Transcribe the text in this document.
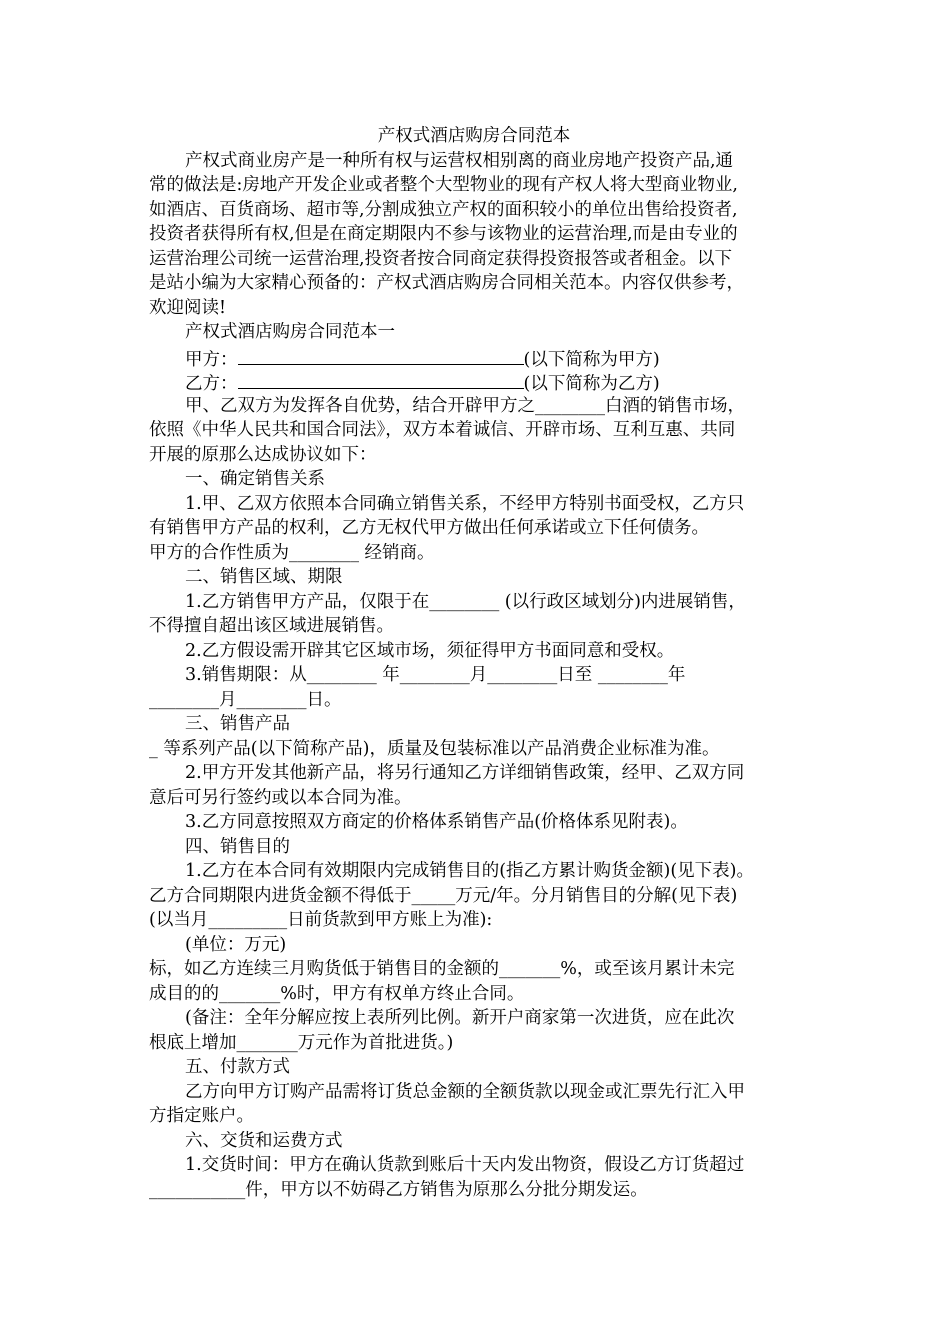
产权式酒店购房合同范本
产权式商业房产是一种所有权与运营权相别离的商业房地产投资产品,通
常的做法是:房地产开发企业或者整个大型物业的现有产权人将大型商业物业,
如酒店、百货商场、超市等,分割成独立产权的面积较小的单位出售给投资者,
投资者获得所有权,但是在商定期限内不参与该物业的运营治理,而是由专业的
运营治理公司统一运营治理,投资者按合同商定获得投资报答或者租金。以下
是站小编为大家精心预备的：产权式酒店购房合同相关范本。内容仅供参考，
欢迎阅读!
产权式酒店购房合同范本一
甲方：	(以下简称为甲方)
乙方：	(以下简称为乙方)
甲、乙双方为发挥各自优势，结合开辟甲方之________白酒的销售市场，
依照《中华人民共和国合同法》，双方本着诚信、开辟市场、互利互惠、共同
开展的原那么达成协议如下：
一、确定销售关系
1.甲、乙双方依照本合同确立销售关系，不经甲方特别书面受权，乙方只
有销售甲方产品的权利，乙方无权代甲方做出任何承诺或立下任何债务。
甲方的合作性质为________ 经销商。
二、销售区域、期限
1.乙方销售甲方产品，仅限于在________ (以行政区域划分)内进展销售，
不得擅自超出该区域进展销售。
2.乙方假设需开辟其它区域市场，须征得甲方书面同意和受权。
3.销售期限：从________ 年________月________日至 ________年
________月________日。
三、销售产品
_ 等系列产品(以下简称产品)，质量及包装标准以产品消费企业标准为准。
2.甲方开发其他新产品，将另行通知乙方详细销售政策，经甲、乙双方同
意后可另行签约或以本合同为准。
3.乙方同意按照双方商定的价格体系销售产品(价格体系见附表)。
四、销售目的
1.乙方在本合同有效期限内完成销售目的(指乙方累计购货金额)(见下表)。
乙方合同期限内进货金额不得低于_____万元/年。分月销售目的分解(见下表)
(以当月_________日前货款到甲方账上为准):
(单位：万元)
标，如乙方连续三月购货低于销售目的金额的_______%，或至该月累计未完
成目的的_______%时，甲方有权单方终止合同。
(备注：全年分解应按上表所列比例。新开户商家第一次进货，应在此次
根底上增加_______万元作为首批进货。)
五、付款方式
乙方向甲方订购产品需将订货总金额的全额货款以现金或汇票先行汇入甲
方指定账户。
六、交货和运费方式
1.交货时间：甲方在确认货款到账后十天内发出物资，假设乙方订货超过
___________件，甲方以不妨碍乙方销售为原那么分批分期发运。
